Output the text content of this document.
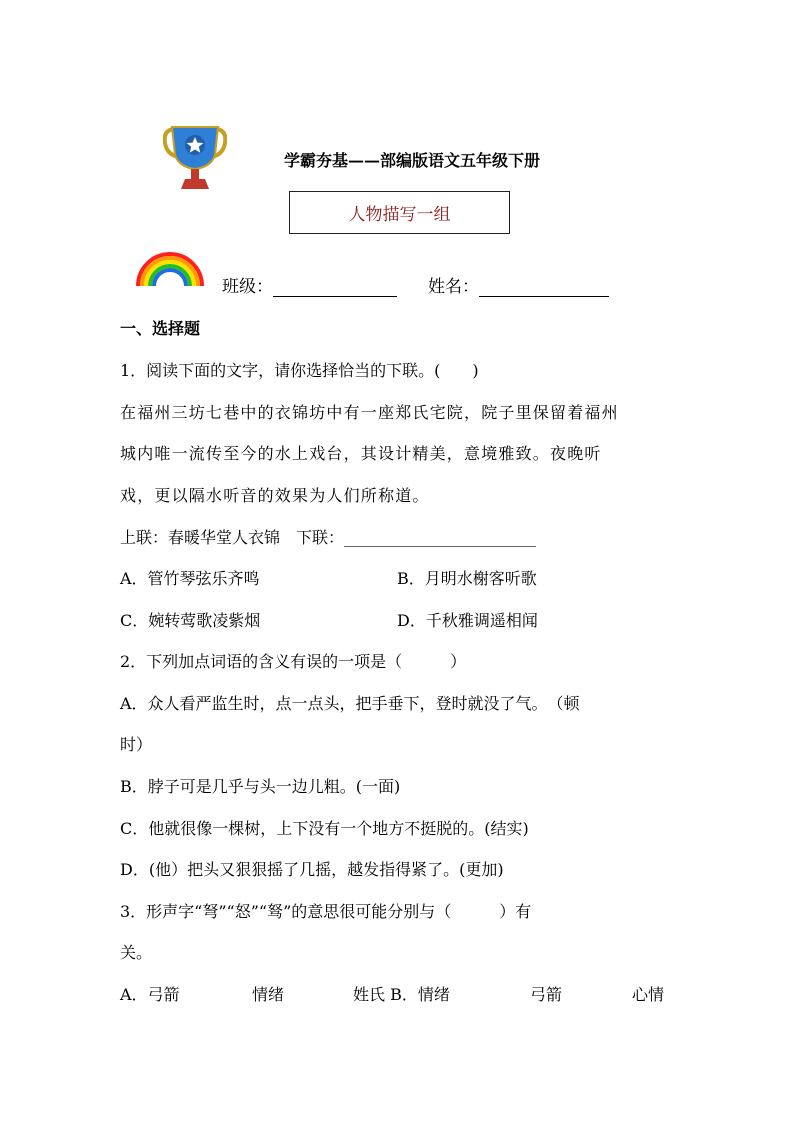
学霸夯基——部编版语文五年级下册
人物描写一组
班级：	姓名：
一、选择题
1．阅读下面的文字，请你选择恰当的下联。(　　)
在福州三坊七巷中的衣锦坊中有一座郑氏宅院，院子里保留着福州
城内唯一流传至今的水上戏台，其设计精美，意境雅致。夜晚听
戏，更以隔水听音的效果为人们所称道。
上联：春暖华堂人衣锦　下联：________________________
A．管竹琴弦乐齐鸣	B．月明水榭客听歌
C．婉转莺歌凌紫烟	D．千秋雅调遥相闻
2．下列加点词语的含义有误的一项是（　　　）
A．众人看严监生时，点一点头，把手垂下，登时就没了气。　（顿
时）
B．脖子可是几乎与头一边儿粗。(一面)
C．他就很像一棵树，上下没有一个地方不挺脱的。(结实)
D．(他）把头又狠狠摇了几摇，越发指得紧了。(更加)
3．形声字“弩”“怒”“驽”的意思很可能分别与（　　　）有
关。
A．弓箭	情绪	姓氏 B．情绪	弓箭	心情
